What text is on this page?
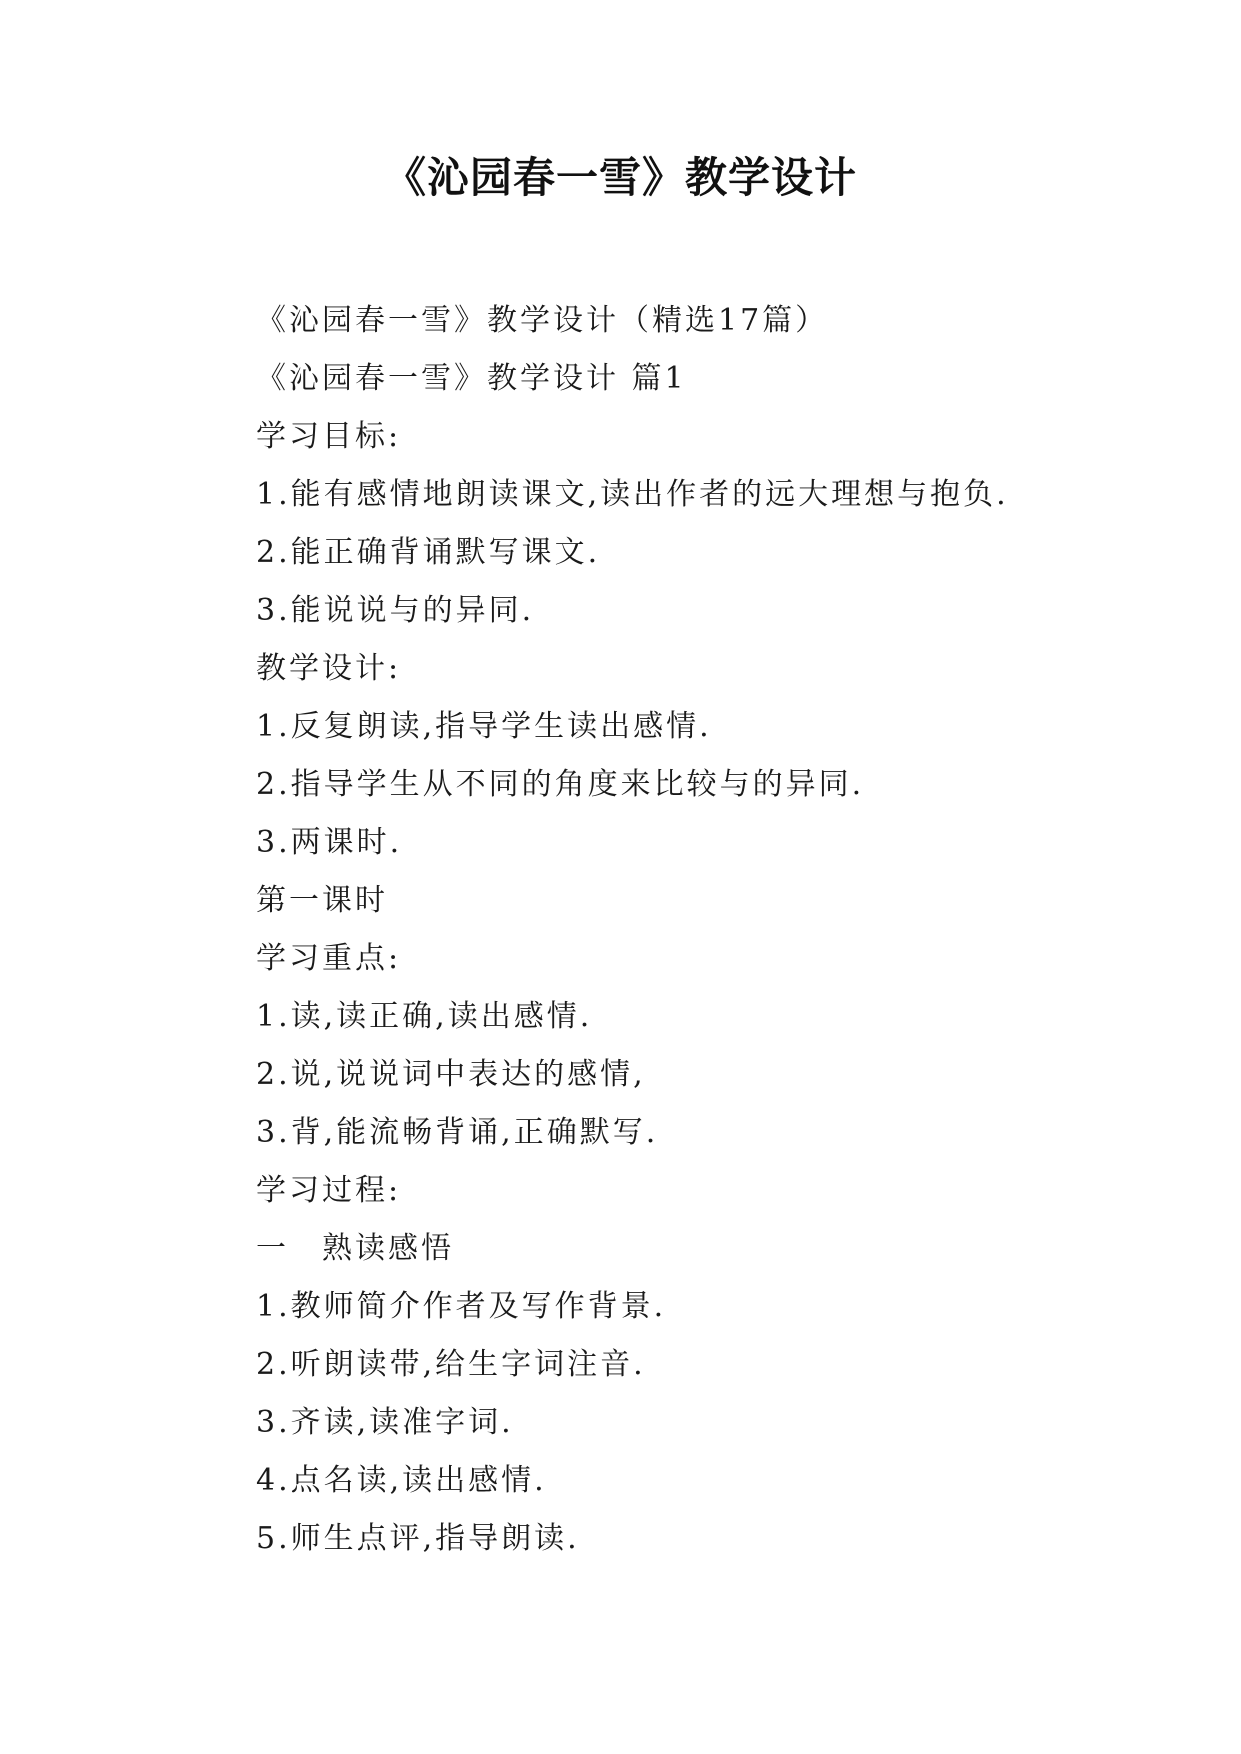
《沁园春一雪》教学设计
《沁园春一雪》教学设计（精选17篇）
《沁园春一雪》教学设计 篇1
学习目标:
1.能有感情地朗读课文,读出作者的远大理想与抱负.
2.能正确背诵默写课文.
3.能说说与的异同.
教学设计:
1.反复朗读,指导学生读出感情.
2.指导学生从不同的角度来比较与的异同.
3.两课时.
第一课时
学习重点:
1.读,读正确,读出感情.
2.说,说说词中表达的感情,
3.背,能流畅背诵,正确默写.
学习过程:
一　熟读感悟
1.教师简介作者及写作背景.
2.听朗读带,给生字词注音.
3.齐读,读准字词.
4.点名读,读出感情.
5.师生点评,指导朗读.
